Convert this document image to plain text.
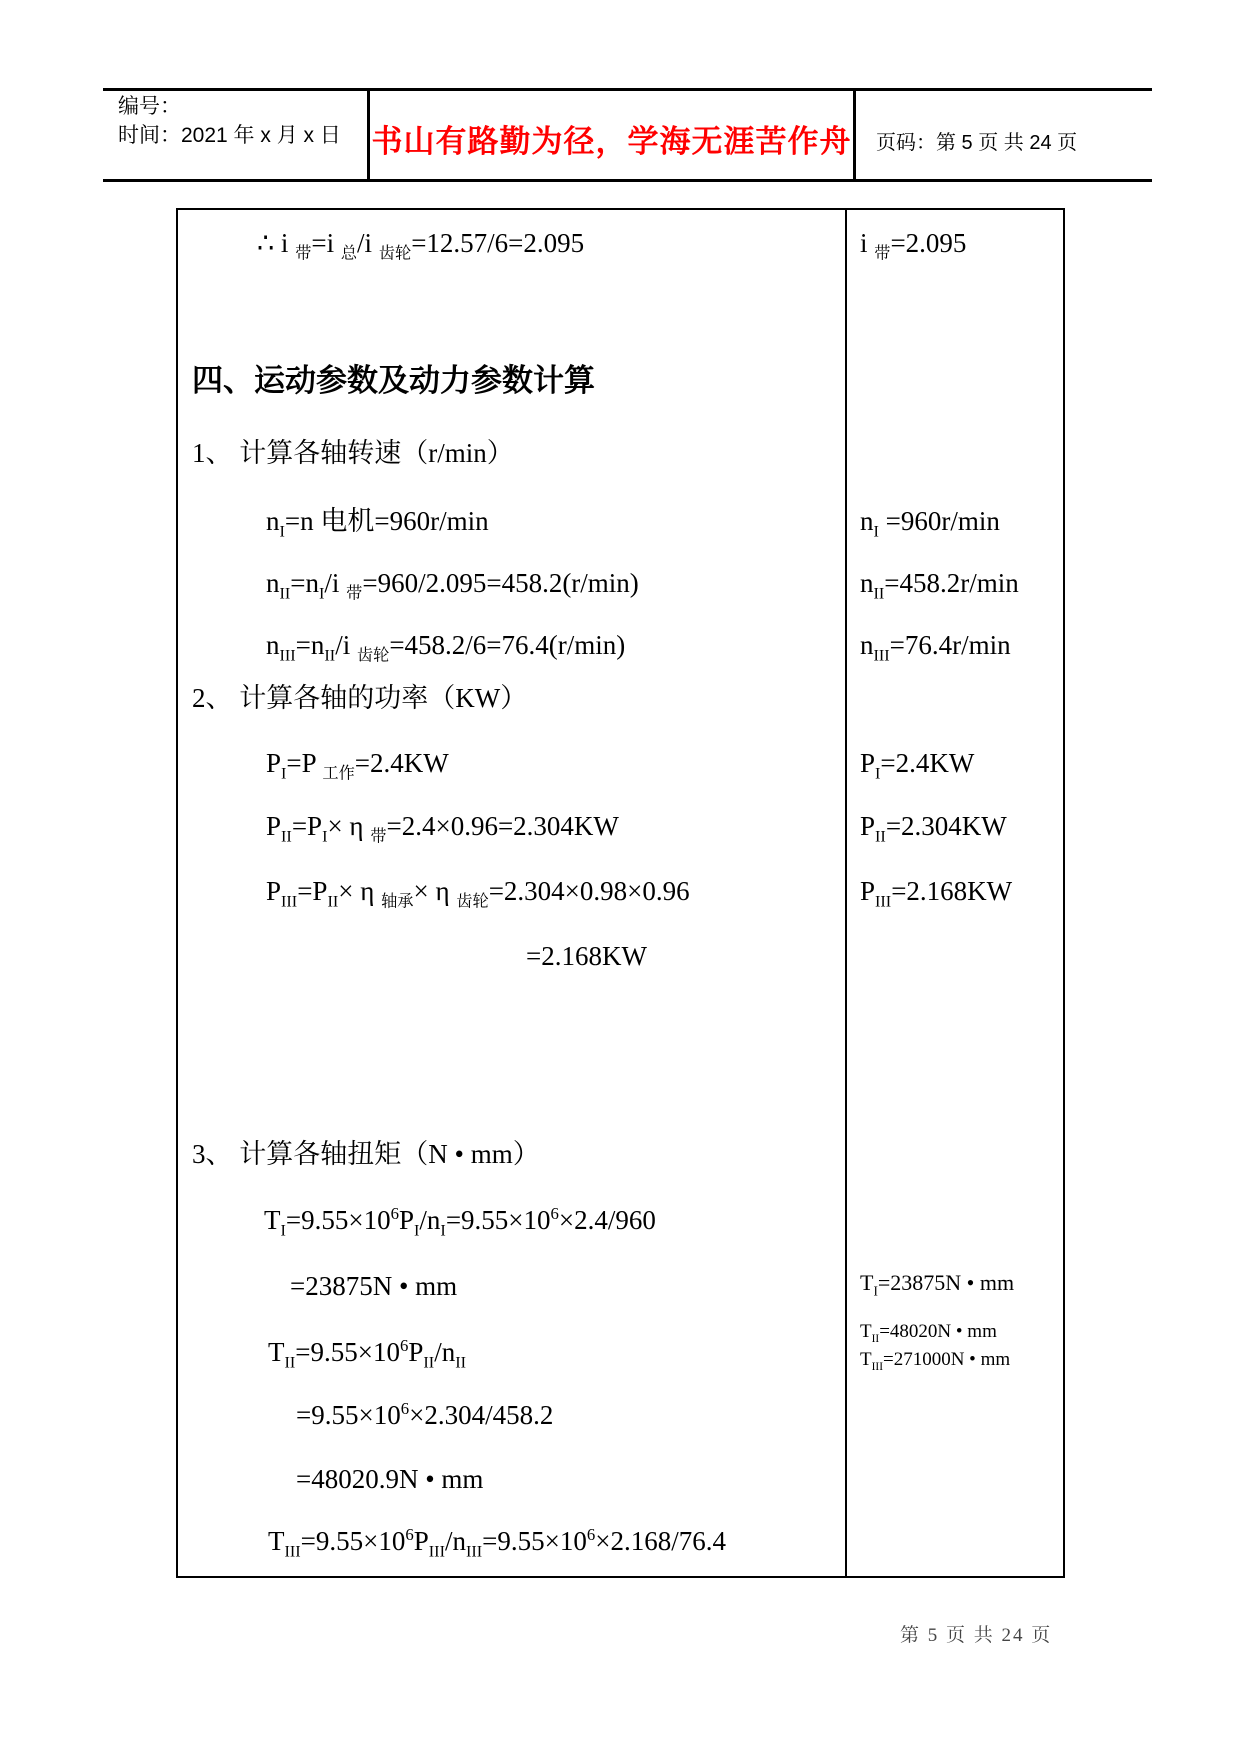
编号：
时间：2021 年 x 月 x 日 书山有路勤为径，学海无涯苦作舟 页码：第 5 页 共 24 页
∴ i $_带$=i $_总$/i $_{齿轮}$=12.57/6=2.095
四、运动参数及动力参数计算
1、 计算各轴转速（r/min）
$n_I=n$ 电机=960r/min
$n_{II}=n_I/i$ $_带$=960/2.095=458.2(r/min)
$n_{III}=n_{II}/i$ $_{齿轮}$=458.2/6=76.4(r/min)
2、 计算各轴的功率（KW）
$P_I=P$ $_{工作}$=2.4KW
$P_{II}=P_I\times \eta$ $_带$=2.4×0.96=2.304KW
$P_{III}=P_{II}\times \eta$ $_{轴承}$× η $_{齿轮}$=2.304×0.98×0.96
=2.168KW
3、 计算各轴扭矩（N • mm）
$T_I=9.55\times 10^6P_I/n_I=9.55\times 10^6\times 2.4/960$
=23875N • mm
$T_{II}=9.55\times 10^6P_{II}/n_{II}$
$=9.55\times 10^6\times 2.304/458.2$
=48020.9N • mm
$T_{III}=9.55\times 10^6P_{III}/n_{III}=9.55\times 10^6\times 2.168/76.4$
i $_带$=2.095
$n_I =960r/\min$
$n_{II}=458.2r/\min$
$n_{III}=76.4r/\min$
$P_I=2.4KW$
$P_{II}=2.304KW$
$P_{III}=2.168KW$
$T_I=23875N$ • mm
$T_{II}=48020N$ • mm
$T_{III}=271000N$ • mm
第 5 页 共 24 页
